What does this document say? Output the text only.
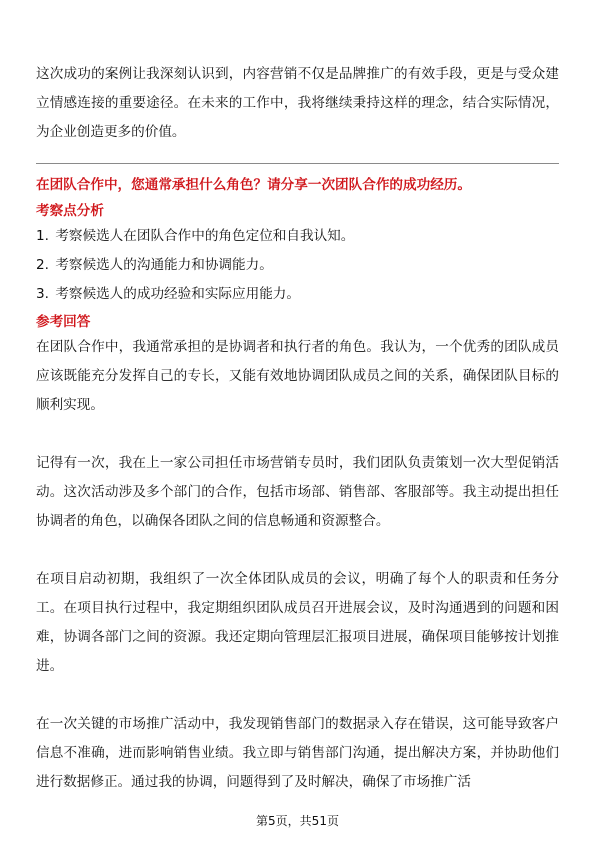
这次成功的案例让我深刻认识到，内容营销不仅是品牌推广的有效手段，更是与受众建立情感连接的重要途径。在未来的工作中，我将继续秉持这样的理念，结合实际情况，为企业创造更多的价值。

在团队合作中，您通常承担什么角色？请分享一次团队合作的成功经历。

考察点分析

1. 考察候选人在团队合作中的角色定位和自我认知。
2. 考察候选人的沟通能力和协调能力。
3. 考察候选人的成功经验和实际应用能力。

参考回答

在团队合作中，我通常承担的是协调者和执行者的角色。我认为，一个优秀的团队成员应该既能充分发挥自己的专长，又能有效地协调团队成员之间的关系，确保团队目标的顺利实现。

记得有一次，我在上一家公司担任市场营销专员时，我们团队负责策划一次大型促销活动。这次活动涉及多个部门的合作，包括市场部、销售部、客服部等。我主动提出担任协调者的角色，以确保各团队之间的信息畅通和资源整合。

在项目启动初期，我组织了一次全体团队成员的会议，明确了每个人的职责和任务分工。在项目执行过程中，我定期组织团队成员召开进展会议，及时沟通遇到的问题和困难，协调各部门之间的资源。我还定期向管理层汇报项目进展，确保项目能够按计划推进。

在一次关键的市场推广活动中，我发现销售部门的数据录入存在错误，这可能导致客户信息不准确，进而影响销售业绩。我立即与销售部门沟通，提出解决方案，并协助他们进行数据修正。通过我的协调，问题得到了及时解决，确保了市场推广活

第5页，共51页
